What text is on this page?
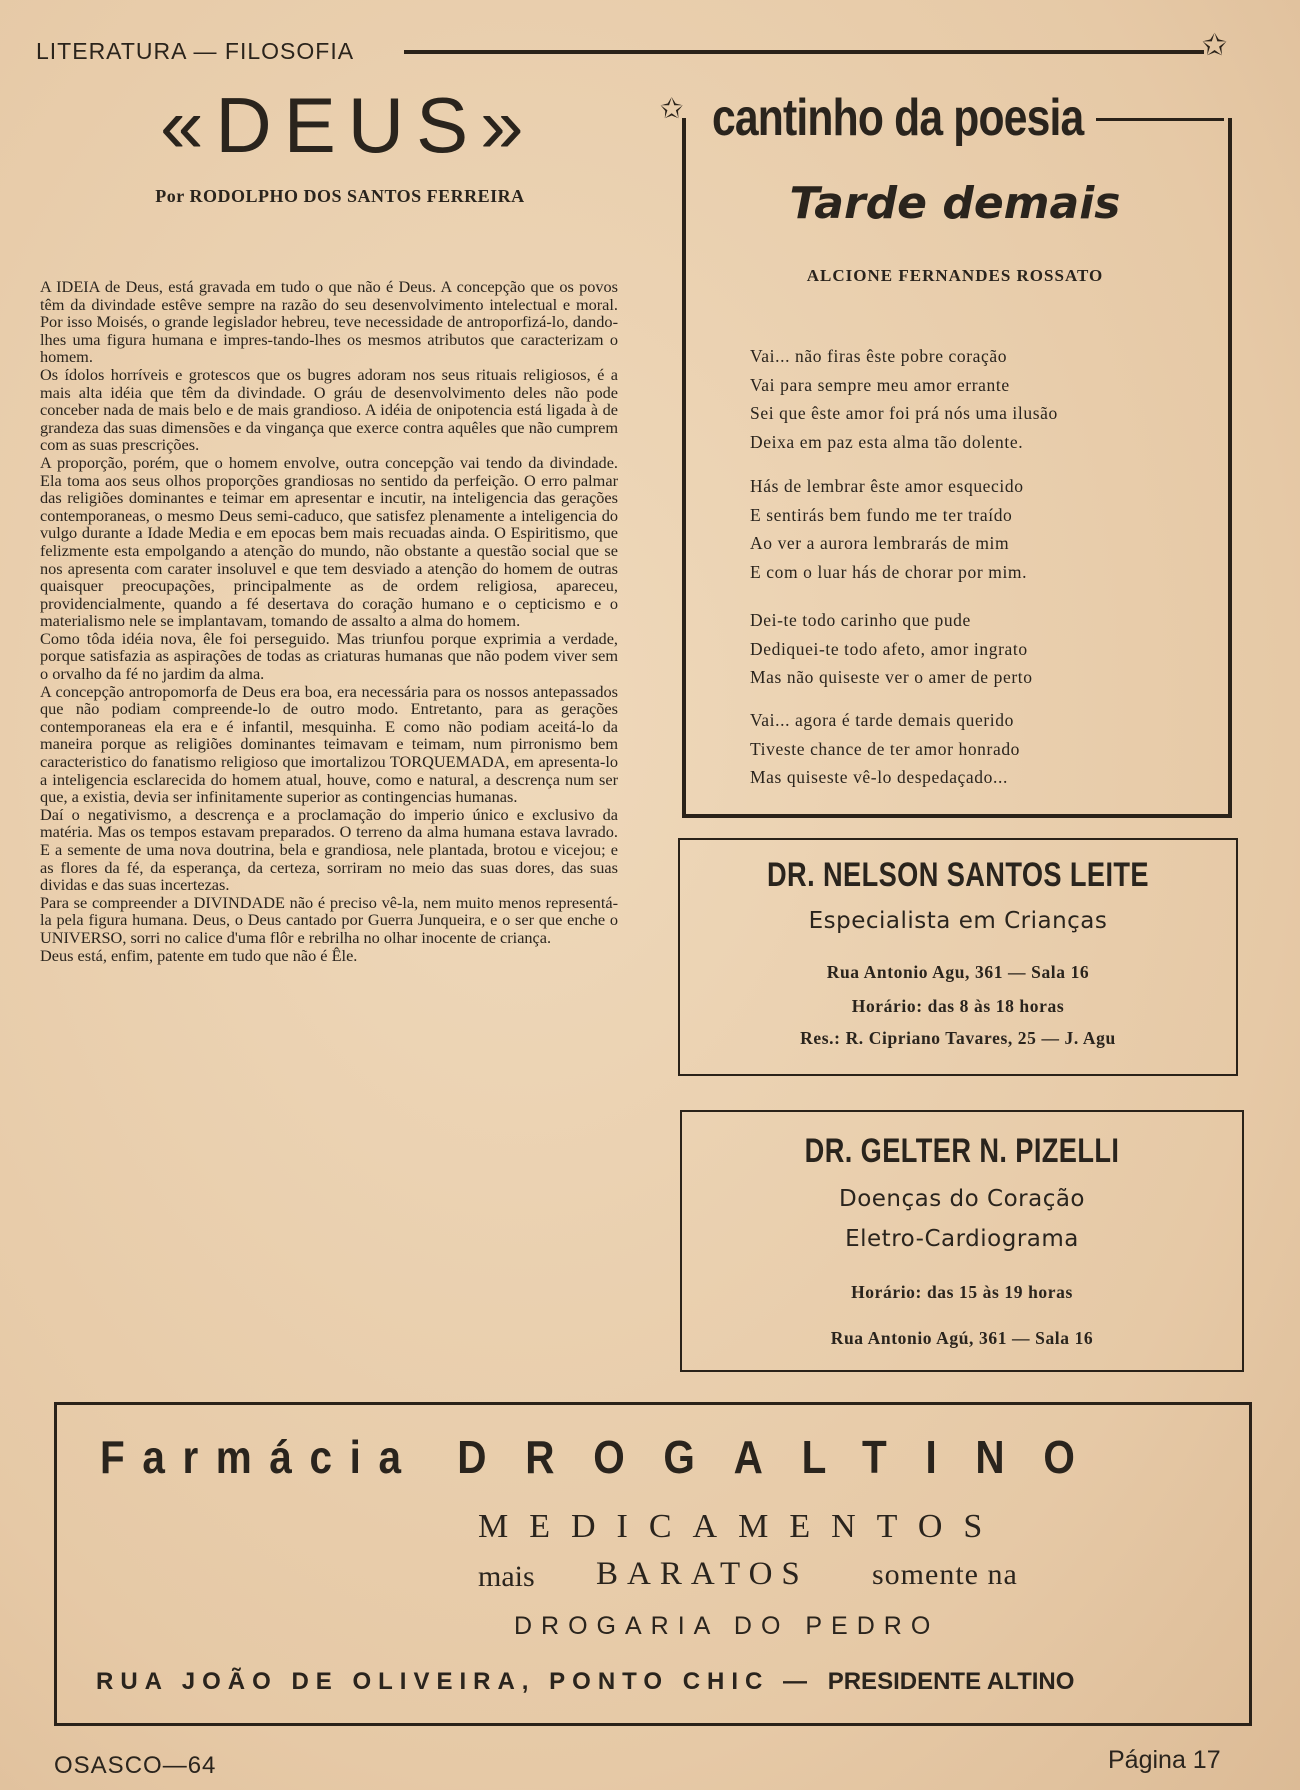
LITERATURA — FILOSOFIA	✩
«DEUS»
Por RODOLPHO DOS SANTOS FERREIRA

A IDEIA de Deus, está gravada em tudo o que não é Deus. A concepção que os povos têm da divindade estêve sempre na razão do seu desenvolvimento intelectual e moral. Por isso Moisés, o grande legislador hebreu, teve necessidade de antroporfizá-lo, dando-lhes uma figura humana e impres-tando-lhes os mesmos atributos que caracterizam o homem.

Os ídolos horríveis e grotescos que os bugres adoram nos seus rituais religiosos, é a mais alta idéia que têm da divindade. O gráu de desenvolvimento deles não pode conceber nada de mais belo e de mais grandioso. A idéia de onipotencia está ligada à de grandeza das suas dimensões e da vingança que exerce contra aquêles que não cumprem com as suas prescrições.

A proporção, porém, que o homem envolve, outra concepção vai tendo da divindade. Ela toma aos seus olhos proporções grandiosas no sentido da perfeição. O erro palmar das religiões dominantes e teimar em apresentar e incutir, na inteligencia das gerações contemporaneas, o mesmo Deus semi-caduco, que satisfez plenamente a inteligencia do vulgo durante a Idade Media e em epocas bem mais recuadas ainda. O Espiritismo, que felizmente esta empolgando a atenção do mundo, não obstante a questão social que se nos apresenta com carater insoluvel e que tem desviado a atenção do homem de outras quaisquer preocupações, principalmente as de ordem religiosa, apareceu, providencialmente, quando a fé desertava do coração humano e o cepticismo e o materialismo nele se implantavam, tomando de assalto a alma do homem.

Como tôda idéia nova, êle foi perseguido. Mas triunfou porque exprimia a verdade, porque satisfazia as aspirações de todas as criaturas humanas que não podem viver sem o orvalho da fé no jardim da alma.

A concepção antropomorfa de Deus era boa, era necessária para os nossos antepassados que não podiam compreende-lo de outro modo. Entretanto, para as gerações contemporaneas ela era e é infantil, mesquinha. E como não podiam aceitá-lo da maneira porque as religiões dominantes teimavam e teimam, num pirronismo bem caracteristico do fanatismo religioso que imortalizou TORQUEMADA, em apresenta-lo a inteligencia esclarecida do homem atual, houve, como e natural, a descrença num ser que, a existia, devia ser infinitamente superior as contingencias humanas.

Daí o negativismo, a descrença e a proclamação do imperio único e exclusivo da matéria. Mas os tempos estavam preparados. O terreno da alma humana estava lavrado. E a semente de uma nova doutrina, bela e grandiosa, nele plantada, brotou e vicejou; e as flores da fé, da esperança, da certeza, sorriram no meio das suas dores, das suas dividas e das suas incertezas.

Para se compreender a DIVINDADE não é preciso vê-la, nem muito menos representá-la pela figura humana. Deus, o Deus cantado por Guerra Junqueira, e o ser que enche o UNIVERSO, sorri no calice d'uma flôr e rebrilha no olhar inocente de criança.

Deus está, enfim, patente em tudo que não é Êle.

✩ cantinho da poesia
Tarde demais
ALCIONE FERNANDES ROSSATO
Vai... não firas êste pobre coração
Vai para sempre meu amor errante
Sei que êste amor foi prá nós uma ilusão
Deixa em paz esta alma tão dolente.
Hás de lembrar êste amor esquecido
E sentirás bem fundo me ter traído
Ao ver a aurora lembrarás de mim
E com o luar hás de chorar por mim.
Dei-te todo carinho que pude
Dediquei-te todo afeto, amor ingrato
Mas não quiseste ver o amer de perto
Vai... agora é tarde demais querido
Tiveste chance de ter amor honrado
Mas quiseste vê-lo despedaçado...
DR. NELSON SANTOS LEITE
Especialista em Crianças
Rua Antonio Agu, 361 — Sala 16
Horário: das 8 às 18 horas
Res.: R. Cipriano Tavares, 25 — J. Agu
DR. GELTER N. PIZELLI
Doenças do Coração
Eletro-Cardiograma
Horário: das 15 às 19 horas
Rua Antonio Agú, 361 — Sala 16
Farmácia DROGALTINO
MEDICAMENTOS
mais BARATOS somente na
DROGARIA DO PEDRO
RUA JOÃO DE OLIVEIRA, PONTO CHIC — PRESIDENTE ALTINO
OSASCO—64	Página 17
